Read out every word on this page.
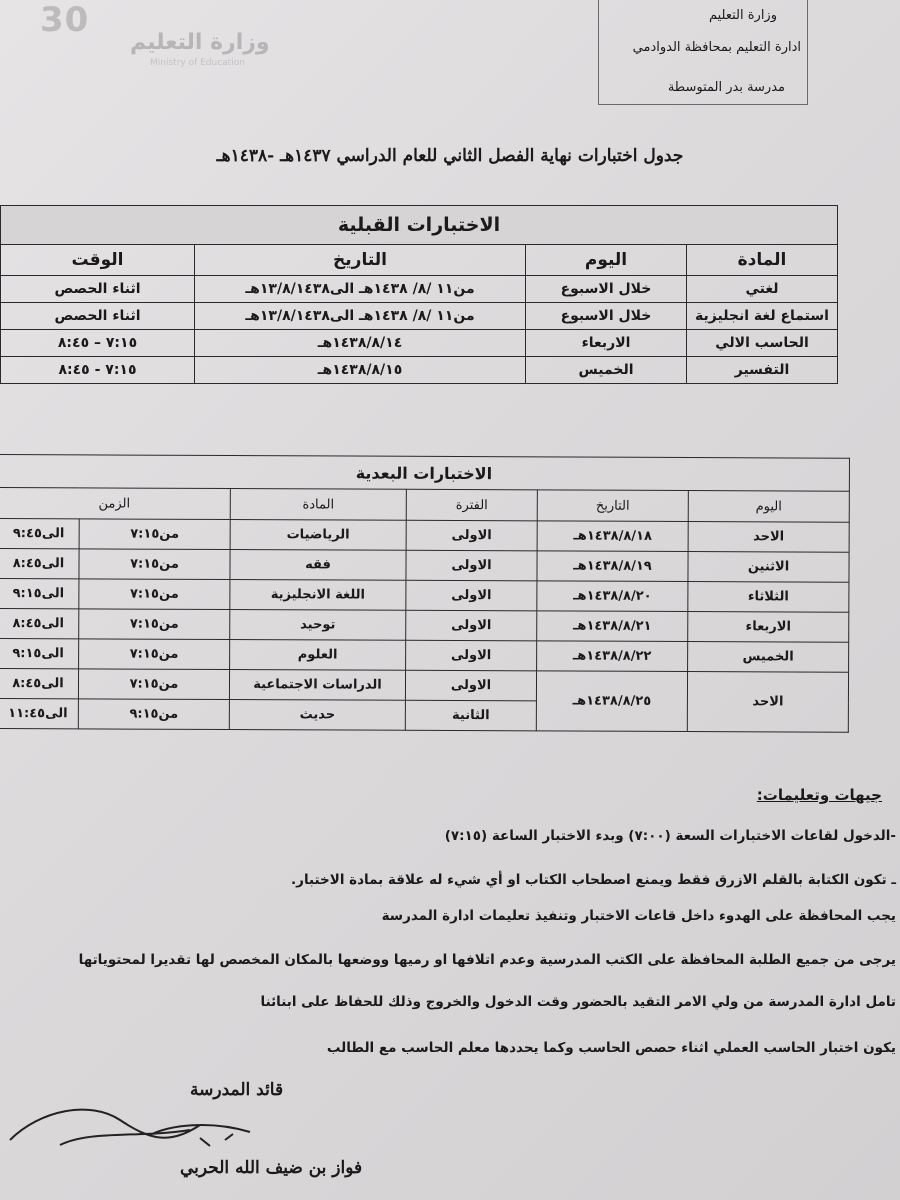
30
وزارة التعليم
Ministry of Education
وزارة التعليم
ادارة التعليم بمحافظة الدوادمي
مدرسة بدر المتوسطة
جدول اختبارات نهاية الفصل الثاني للعام الدراسي ١٤٣٧هـ -١٤٣٨هـ
الاختبارات القبلية			
المادة	اليوم	التاريخ	الوقت
لغتي	خلال الاسبوع	من١١ /٨/ ١٤٣٨هـ الى١٣/٨/١٤٣٨هـ	اثناء الحصص
استماع لغة انجليزية	خلال الاسبوع	من١١ /٨/ ١٤٣٨هـ الى١٣/٨/١٤٣٨هـ	اثناء الحصص
الحاسب الالي	الاربعاء	١٤٣٨/٨/١٤هـ	٧:١٥ – ٨:٤٥
التفسير	الخميس	١٤٣٨/٨/١٥هـ	٧:١٥ - ٨:٤٥
الاختبارات البعدية					
اليوم	التاريخ	الفترة	المادة	الزمن	
الاحد	١٤٣٨/٨/١٨هـ	الاولى	الرياضيات	من٧:١٥	الى٩:٤٥
الاثنين	١٤٣٨/٨/١٩هـ	الاولى	فقه	من٧:١٥	الى٨:٤٥
الثلاثاء	١٤٣٨/٨/٢٠هـ	الاولى	اللغة الانجليزية	من٧:١٥	الى٩:١٥
الاربعاء	١٤٣٨/٨/٢١هـ	الاولى	توحيد	من٧:١٥	الى٨:٤٥
الخميس	١٤٣٨/٨/٢٢هـ	الاولى	العلوم	من٧:١٥	الى٩:١٥
الاحد	١٤٣٨/٨/٢٥هـ	الاولى	الدراسات الاجتماعية	من٧:١٥	الى٨:٤٥
		الثانية	حديث	من٩:١٥	الى١١:٤٥
جيهات وتعليمات:
-الدخول لقاعات الاختبارات السعة (٧:٠٠) وبدء الاختبار الساعة (٧:١٥)
ـ تكون الكتابة بالقلم الازرق فقط ويمنع اصطحاب الكتاب او أي شيء له علاقة بمادة الاختبار.
يجب المحافظة على الهدوء داخل قاعات الاختبار وتنفيذ تعليمات ادارة المدرسة
يرجى من جميع الطلبة المحافظة على الكتب المدرسية وعدم اتلافها او رميها ووضعها بالمكان المخصص لها تقديرا لمحتوياتها
تامل ادارة المدرسة من ولي الامر التقيد بالحضور وقت الدخول والخروج وذلك للحفاظ على ابنائنا
يكون اختبار الحاسب العملي اثناء حصص الحاسب وكما يحددها معلم الحاسب مع الطالب
قائد المدرسة
فواز بن ضيف الله الحربي
